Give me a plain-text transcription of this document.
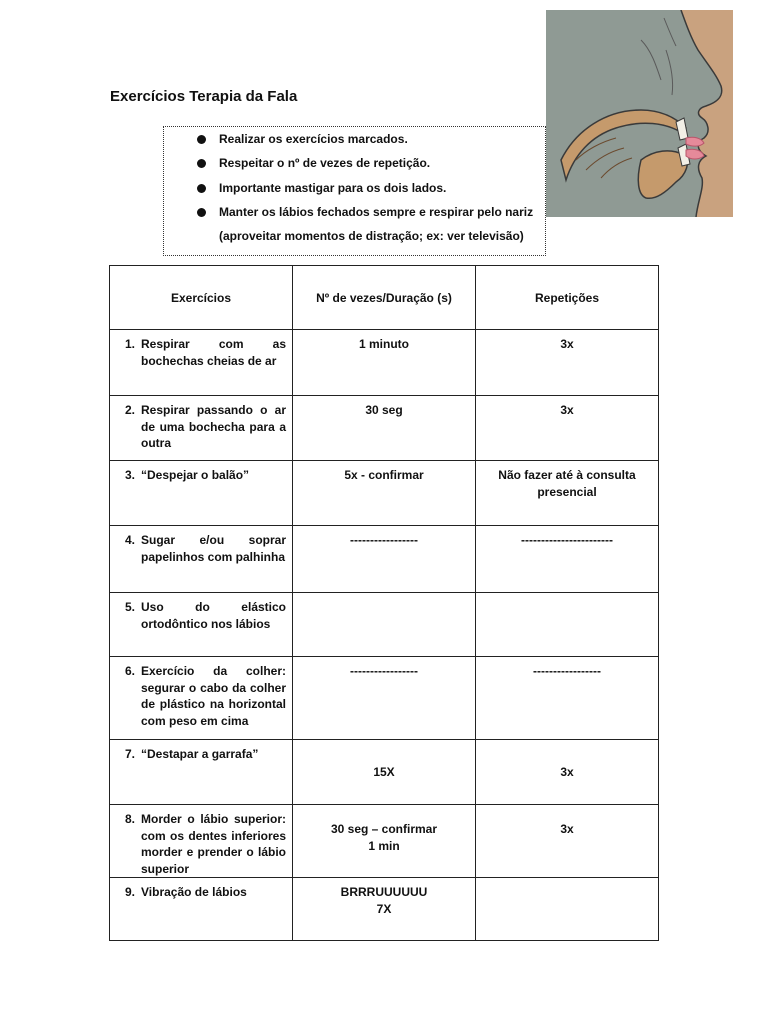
Exercícios Terapia da Fala
Realizar os exercícios marcados.
Respeitar o nº de vezes de repetição.
Importante mastigar para os dois lados.
Manter os lábios fechados sempre e respirar pelo nariz
(aproveitar momentos de distração; ex: ver televisão)
Exercícios	Nº de vezes/Duração (s)	Repetições

1. Respirar com as bochechas cheias de ar	1 minuto	3x

2. Respirar passando o ar de uma bochecha para a outra	30 seg	3x

3. “Despejar o balão”	5x - confirmar	Não fazer até à consulta presencial

4. Sugar e/ou soprar papelinhos com palhinha	-----------------	-----------------------

5. Uso do elástico ortodôntico nos lábios		

6. Exercício da colher: segurar o cabo da colher de plástico na horizontal com peso em cima	-----------------	-----------------

7. “Destapar a garrafa”	15X	3x

8. Morder o lábio superior: com os dentes inferiores morder e prender o lábio superior	30 seg – confirmar
1 min	3x

9. Vibração de lábios	BRRRUUUUUU
7X	
